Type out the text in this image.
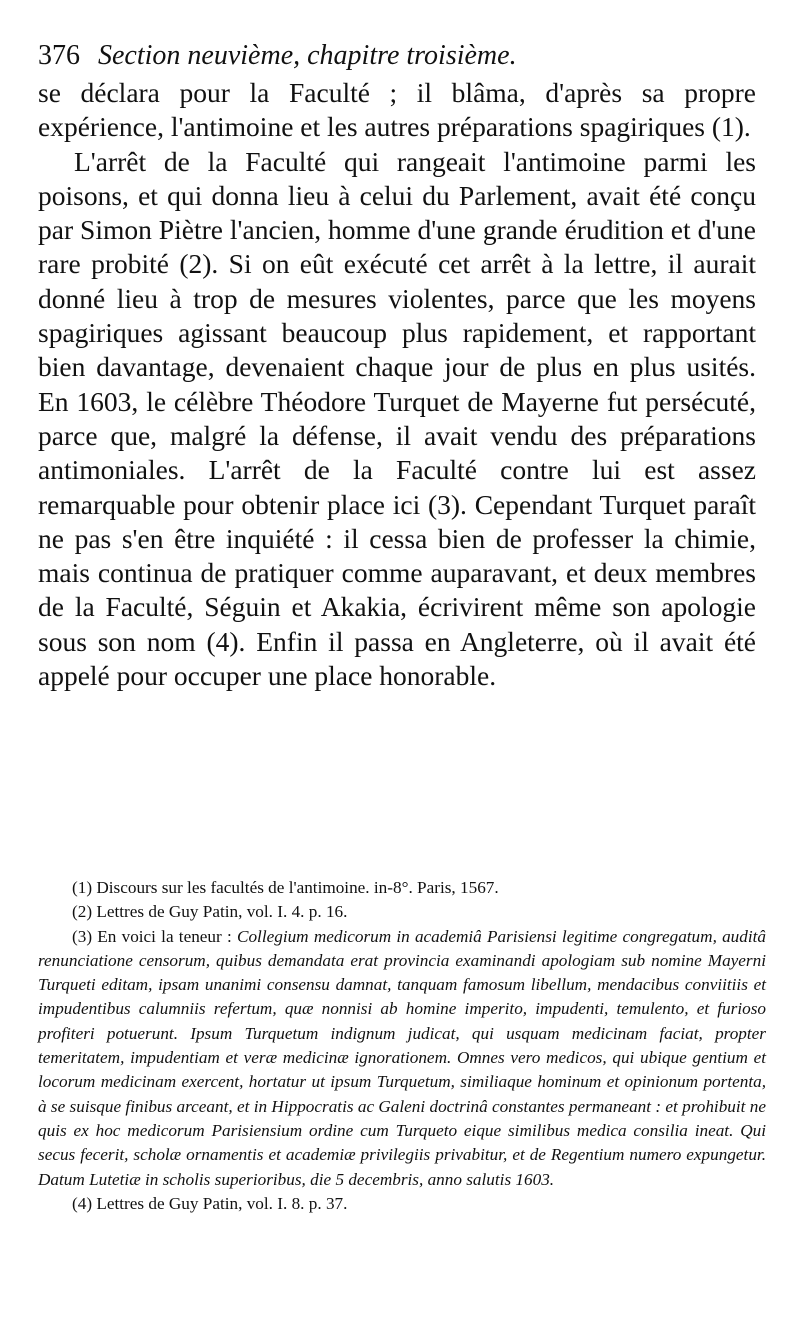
376 Section neuvième, chapitre troisième.

se déclara pour la Faculté ; il blâma, d'après sa propre expérience, l'antimoine et les autres préparations spagiriques (1).

L'arrêt de la Faculté qui rangeait l'antimoine parmi les poisons, et qui donna lieu à celui du Parlement, avait été conçu par Simon Piètre l'ancien, homme d'une grande érudition et d'une rare probité (2). Si on eût exécuté cet arrêt à la lettre, il aurait donné lieu à trop de mesures violentes, parce que les moyens spagiriques agissant beaucoup plus rapidement, et rapportant bien davantage, devenaient chaque jour de plus en plus usités. En 1603, le célèbre Théodore Turquet de Mayerne fut persécuté, parce que, malgré la défense, il avait vendu des préparations antimoniales. L'arrêt de la Faculté contre lui est assez remarquable pour obtenir place ici (3). Cependant Turquet paraît ne pas s'en être inquiété : il cessa bien de professer la chimie, mais continua de pratiquer comme auparavant, et deux membres de la Faculté, Séguin et Akakia, écrivirent même son apologie sous son nom (4). Enfin il passa en Angleterre, où il avait été appelé pour occuper une place honorable.

(1) Discours sur les facultés de l'antimoine. in-8°. Paris, 1567.

(2) Lettres de Guy Patin, vol. I. 4. p. 16.

(3) En voici la teneur : Collegium medicorum in academiâ Parisiensi legitime congregatum, auditâ renunciatione censorum, quibus demandata erat provincia examinandi apologiam sub nomine Mayerni Turqueti editam, ipsam unanimi consensu damnat, tanquam famosum libellum, mendacibus conviitiis et impudentibus calumniis refertum, quæ nonnisi ab homine imperito, impudenti, temulento, et furioso profiteri potuerunt. Ipsum Turquetum indignum judicat, qui usquam medicinam faciat, propter temeritatem, impudentiam et veræ medicinæ ignorationem. Omnes vero medicos, qui ubique gentium et locorum medicinam exercent, hortatur ut ipsum Turquetum, similiaque hominum et opinionum portenta, à se suisque finibus arceant, et in Hippocratis ac Galeni doctrinâ constantes permaneant : et prohibuit ne quis ex hoc medicorum Parisiensium ordine cum Turqueto eique similibus medica consilia ineat. Qui secus fecerit, scholæ ornamentis et academiæ privilegiis privabitur, et de Regentium numero expungetur. Datum Lutetiæ in scholis superioribus, die 5 decembris, anno salutis 1603.

(4) Lettres de Guy Patin, vol. I. 8. p. 37.
